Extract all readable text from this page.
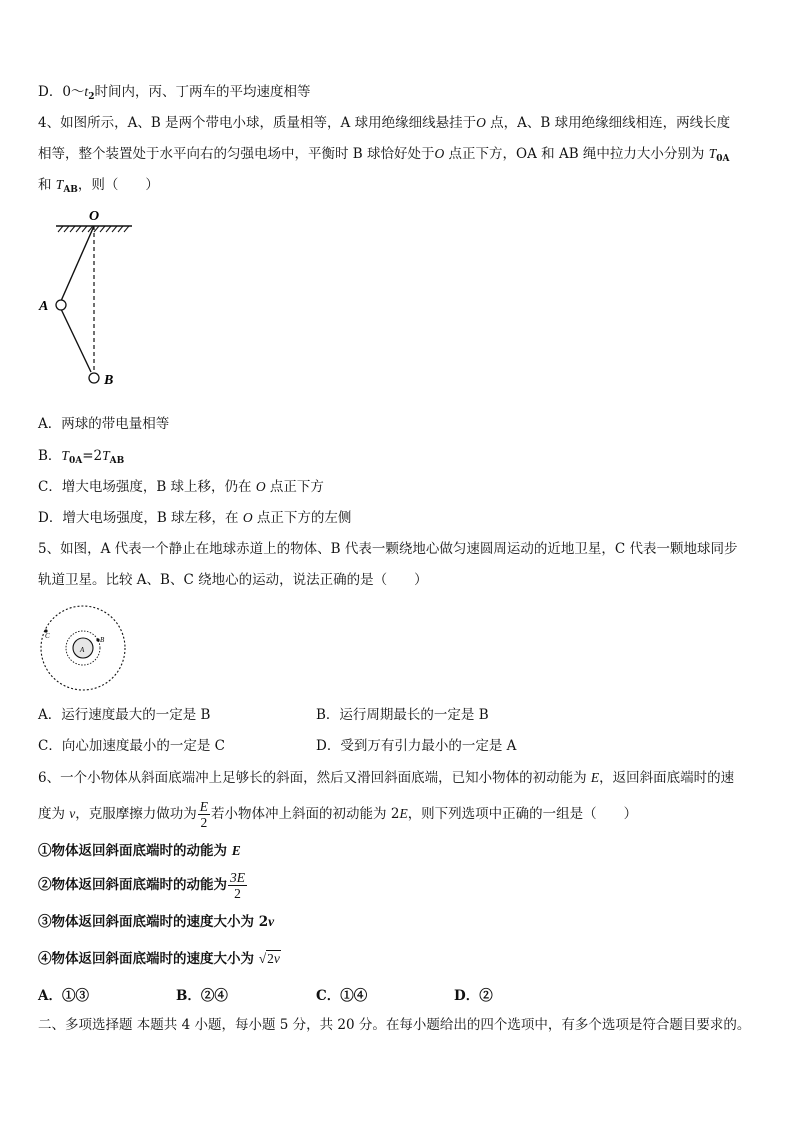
D．$0\sim t_2$时间内，丙、丁两车的平均速度相等
4、如图所示，A、B 是两个带电小球，质量相等，A 球用绝缘细线悬挂于O 点，A、B 球用绝缘细线相连，两线长度
相等，整个装置处于水平向右的匀强电场中，平衡时 B 球恰好处于O 点正下方，OA 和 AB 绳中拉力大小分别为 $T_{0A}$
和 $T_{AB}$，则（　　）
O
A
B
A．两球的带电量相等
B．$T_{0A}=2T_{AB}$
C．增大电场强度，B 球上移，仍在 O 点正下方
D．增大电场强度，B 球左移，在 O 点正下方的左侧
5、如图，A 代表一个静止在地球赤道上的物体、B 代表一颗绕地心做匀速圆周运动的近地卫星，C 代表一颗地球同步
轨道卫星。比较 A、B、C 绕地心的运动，说法正确的是（　　）
A
B
C
A．运行速度最大的一定是 B	B．运行周期最长的一定是 B
C．向心加速度最小的一定是 C	D．受到万有引力最小的一定是 A
6、一个小物体从斜面底端冲上足够长的斜面，然后又滑回斜面底端，已知小物体的初动能为 E，返回斜面底端时的速
度为 v，克服摩擦力做功为 $\frac{E}{2}$ 若小物体冲上斜面的初动能为 2E，则下列选项中正确的一组是（　　）
①物体返回斜面底端时的动能为 E
②物体返回斜面底端时的动能为 $\frac{3E}{2}$
③物体返回斜面底端时的速度大小为 2v
④物体返回斜面底端时的速度大小为 √2v
A．①③	B．②④	C．①④	D．②
二、多项选择题 本题共 4 小题，每小题 5 分，共 20 分。在每小题给出的四个选项中，有多个选项是符合题目要求的。
